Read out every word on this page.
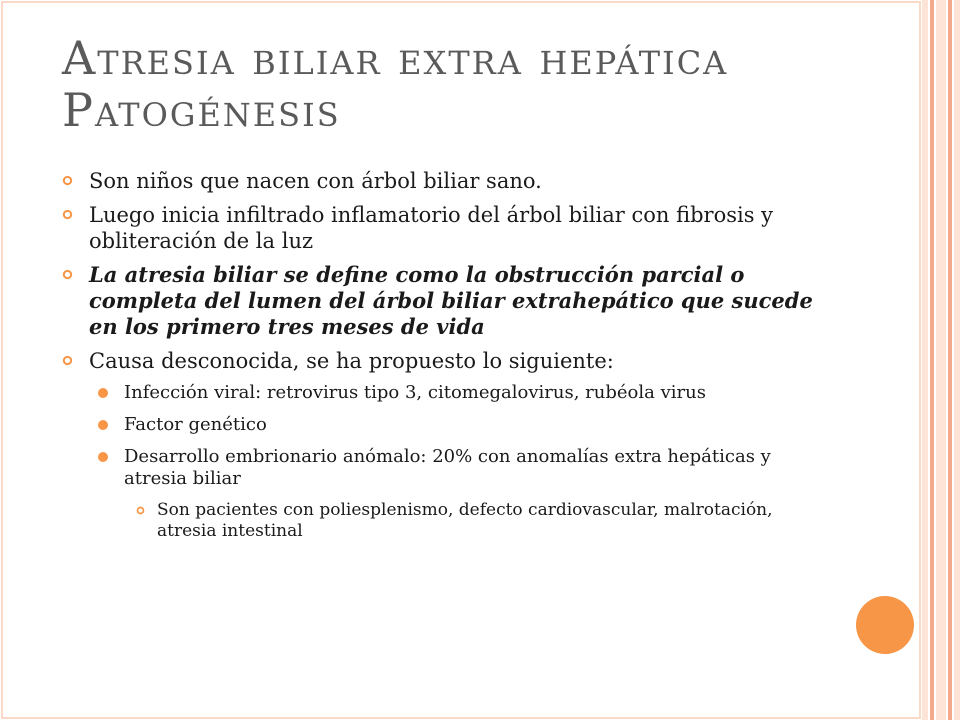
Atresia biliar extra hepática
Patogénesis
Son niños que nacen con árbol biliar sano.
Luego inicia infiltrado inflamatorio del árbol biliar con fibrosis y obliteración de la luz
La atresia biliar se define como la obstrucción parcial o completa del lumen del árbol biliar extrahepático que sucede en los primero tres meses de vida
Causa desconocida, se ha propuesto lo siguiente:
Infección viral: retrovirus tipo 3, citomegalovirus, rubéola virus
Factor genético
Desarrollo embrionario anómalo: 20% con anomalías extra hepáticas y atresia biliar
Son pacientes con poliesplenismo, defecto cardiovascular, malrotación, atresia intestinal
